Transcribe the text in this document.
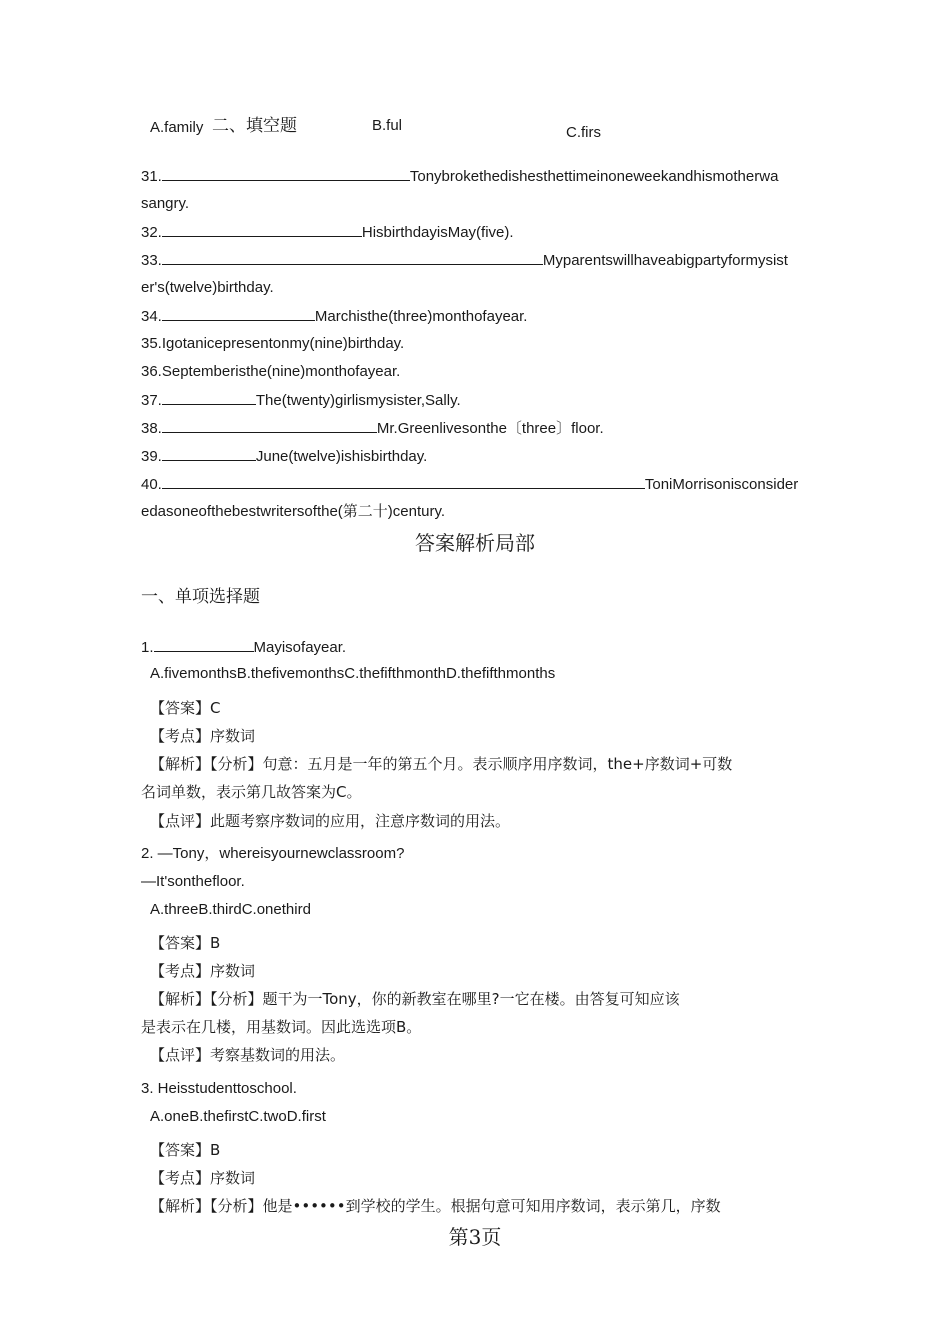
A.family 二、填空题	B.ful	C.firs
31.	Tonybrokethedishesthettimeinoneweekandhismotherwa
sangry.
32.	HisbirthdayisMay(five).
33.	Myparentswillhaveabigpartyformysist
er's(twelve)birthday.
34.	Marchisthe(three)monthofayear.
35.Igotanicepresentonmy(nine)birthday.
36.Septemberisthe(nine)monthofayear.
37.	The(twenty)girlismysister,Sally.
38.	Mr.Greenlivesonthe〔three〕floor.
39.	June(twelve)ishisbirthday.
40.	ToniMorrisonisconsider
edasoneofthebestwritersofthe(第二十)century.
答案解析局部
一、单项选择题
1.	Mayisofayear.
A.fivemonthsB.thefivemonthsC.thefifthmonthD.thefifthmonths
【答案】C
【考点】序数词
【解析】【分析】句意：五月是一年的第五个月。表示顺序用序数词，the+序数词+可数
名词单数，表示第几故答案为C。
【点评】此题考察序数词的应用，注意序数词的用法。
2. —Tony，whereisyournewclassroom?
—It'sonthefloor.
A.threeB.thirdC.onethird
【答案】B
【考点】序数词
【解析】【分析】题干为一Tony，你的新教室在哪里?一它在楼。由答复可知应该
是表示在几楼，用基数词。因此选选项B。
【点评】考察基数词的用法。
3. Heisstudenttoschool.
A.oneB.thefirstC.twoD.first
【答案】B
【考点】序数词
【解析】【分析】他是••••••到学校的学生。根据句意可知用序数词，表示第几，序数
第3页
